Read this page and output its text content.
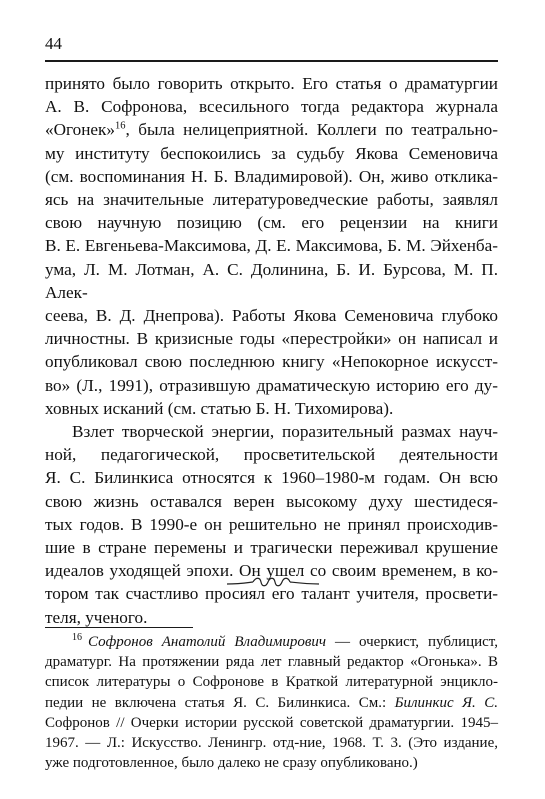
44

принято было говорить открыто. Его статья о драматургии
А. В. Софронова, всесильного тогда редактора журнала
«Огонек»$^{16}$, была нелицеприятной. Коллеги по театрально-
му институту беспокоились за судьбу Якова Семеновича
(см. воспоминания Н. Б. Владимировой). Он, живо отклика-
ясь на значительные литературоведческие работы, заявлял
свою научную позицию (см. его рецензии на книги
В. Е. Евгеньева-Максимова, Д. Е. Максимова, Б. М. Эйхенба-
ума, Л. М. Лотман, А. С. Долинина, Б. И. Бурсова, М. П. Алек-
сеева, В. Д. Днепрова). Работы Якова Семеновича глубоко
личностны. В кризисные годы «перестройки» он написал и
опубликовал свою последнюю книгу «Непокорное искусст-
во» (Л., 1991), отразившую драматическую историю его ду-
ховных исканий (см. статью Б. Н. Тихомирова).

Взлет творческой энергии, поразительный размах науч-
ной, педагогической, просветительской деятельности
Я. С. Билинкиса относятся к 1960–1980-м годам. Он всю
свою жизнь оставался верен высокому духу шестидеся-
тых годов. В 1990-е он решительно не принял происходив-
шие в стране перемены и трагически переживал крушение
идеалов уходящей эпохи. Он ушел со своим временем, в ко-
тором так счастливо просиял его талант учителя, просвети-
теля, ученого.

$^{16}$ Софронов Анатолий Владимирович — очеркист, публицист,
драматург. На протяжении ряда лет главный редактор «Огонька». В
список литературы о Софронове в Краткой литературной энцикло-
педии не включена статья Я. С. Билинкиса. См.: Билинкис Я. С.
Софронов // Очерки истории русской советской драматургии. 1945–
1967. — Л.: Искусство. Ленингр. отд-ние, 1968. Т. 3. (Это издание,
уже подготовленное, было далеко не сразу опубликовано.)
